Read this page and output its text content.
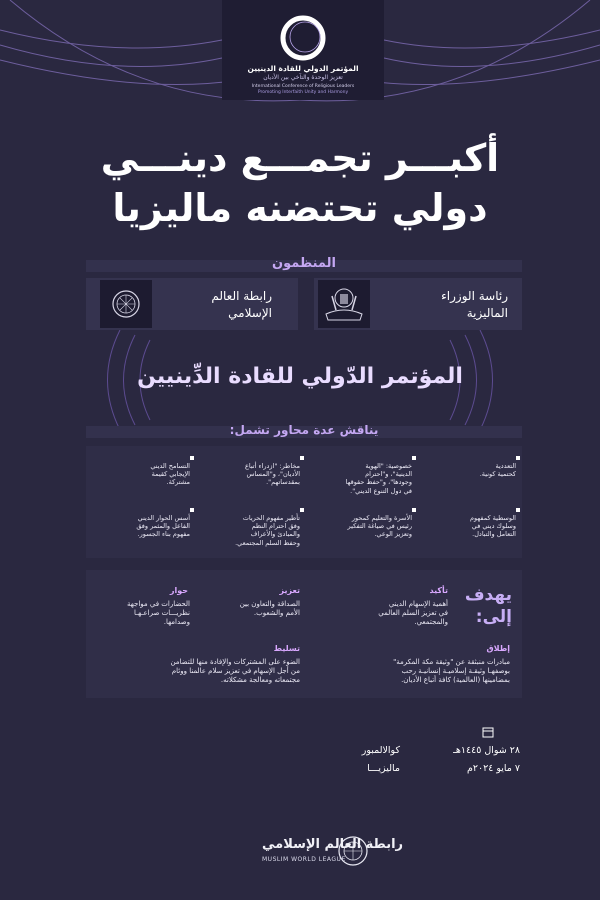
المؤتمر الدولي للقادة الدينيين
تعزيز الوحدة والتآخي بين الأديان
International Conference of Religious Leaders
Promoting Interfaith Unity and Harmony
أكبـــر تجمـــع دينـــي
دولي تحتضنه ماليزيا
المنظمون
رئاسة الوزراء
الماليزية
رابطة العالم
الإسلامي
المؤتمر الدّولي للقادة الدِّينيين
يناقش عدة محاور تشمل:
التعددية
كحتمية كونية.
خصوصية: "الهوية
الدينية"، و"احترام
وجودها"، و"حفظ حقوقها
في دول التنوع الديني".
مخاطر: "ازدراء أتباع
الأديان"، و"المساس
بمقدساتهم".
التسامح الديني
الإيجابي كقيمة
مشتركة.
الوسطية كمفهوم
وسلوك ديني في
التعامل والتبادل.
الأسرة والتعليم كمحور
رئيس في صياغة التفكير
وتعزيز الوعي.
تأطير مفهوم الحريات
وفق احترام النظم
والمبادئ والأعراف
وحفظ السلم المجتمعي.
أسس الحوار الديني
الفاعل والمثمر وفق
مفهوم بناء الجسور.
يهدف
إلى:
تأكيد
أهمية الإسهام الديني
في تعزيز السلم العالمي
والمجتمعي.
تعزيز
الصداقة والتعاون بين
الأمم والشعوب.
حوار
الحضارات في مواجهة
نظريـــات صراعـهـا
وصدامها.
إطلاق
مبادرات منبثقة عن "وثيقة مكة المكرمة"
بوصفهـا وثيقـة إسلاميـة إنسانيـة رحب
بمضامينها (العالمية) كافة أتباع الأديان.
تسليط
الضوء على المشتركات والإفادة منها للتضامن
من أجل الإسهام في تعزيز سلام عالمنا ووئام
مجتمعاته ومعالجة مشكلاته.
٢٨ شوال ١٤٤٥هـ
٧ مايو ٢٠٢٤م
كوالالمبور
ماليزيـــا
رابطة العالم الإسلامي
MUSLIM WORLD LEAGUE
